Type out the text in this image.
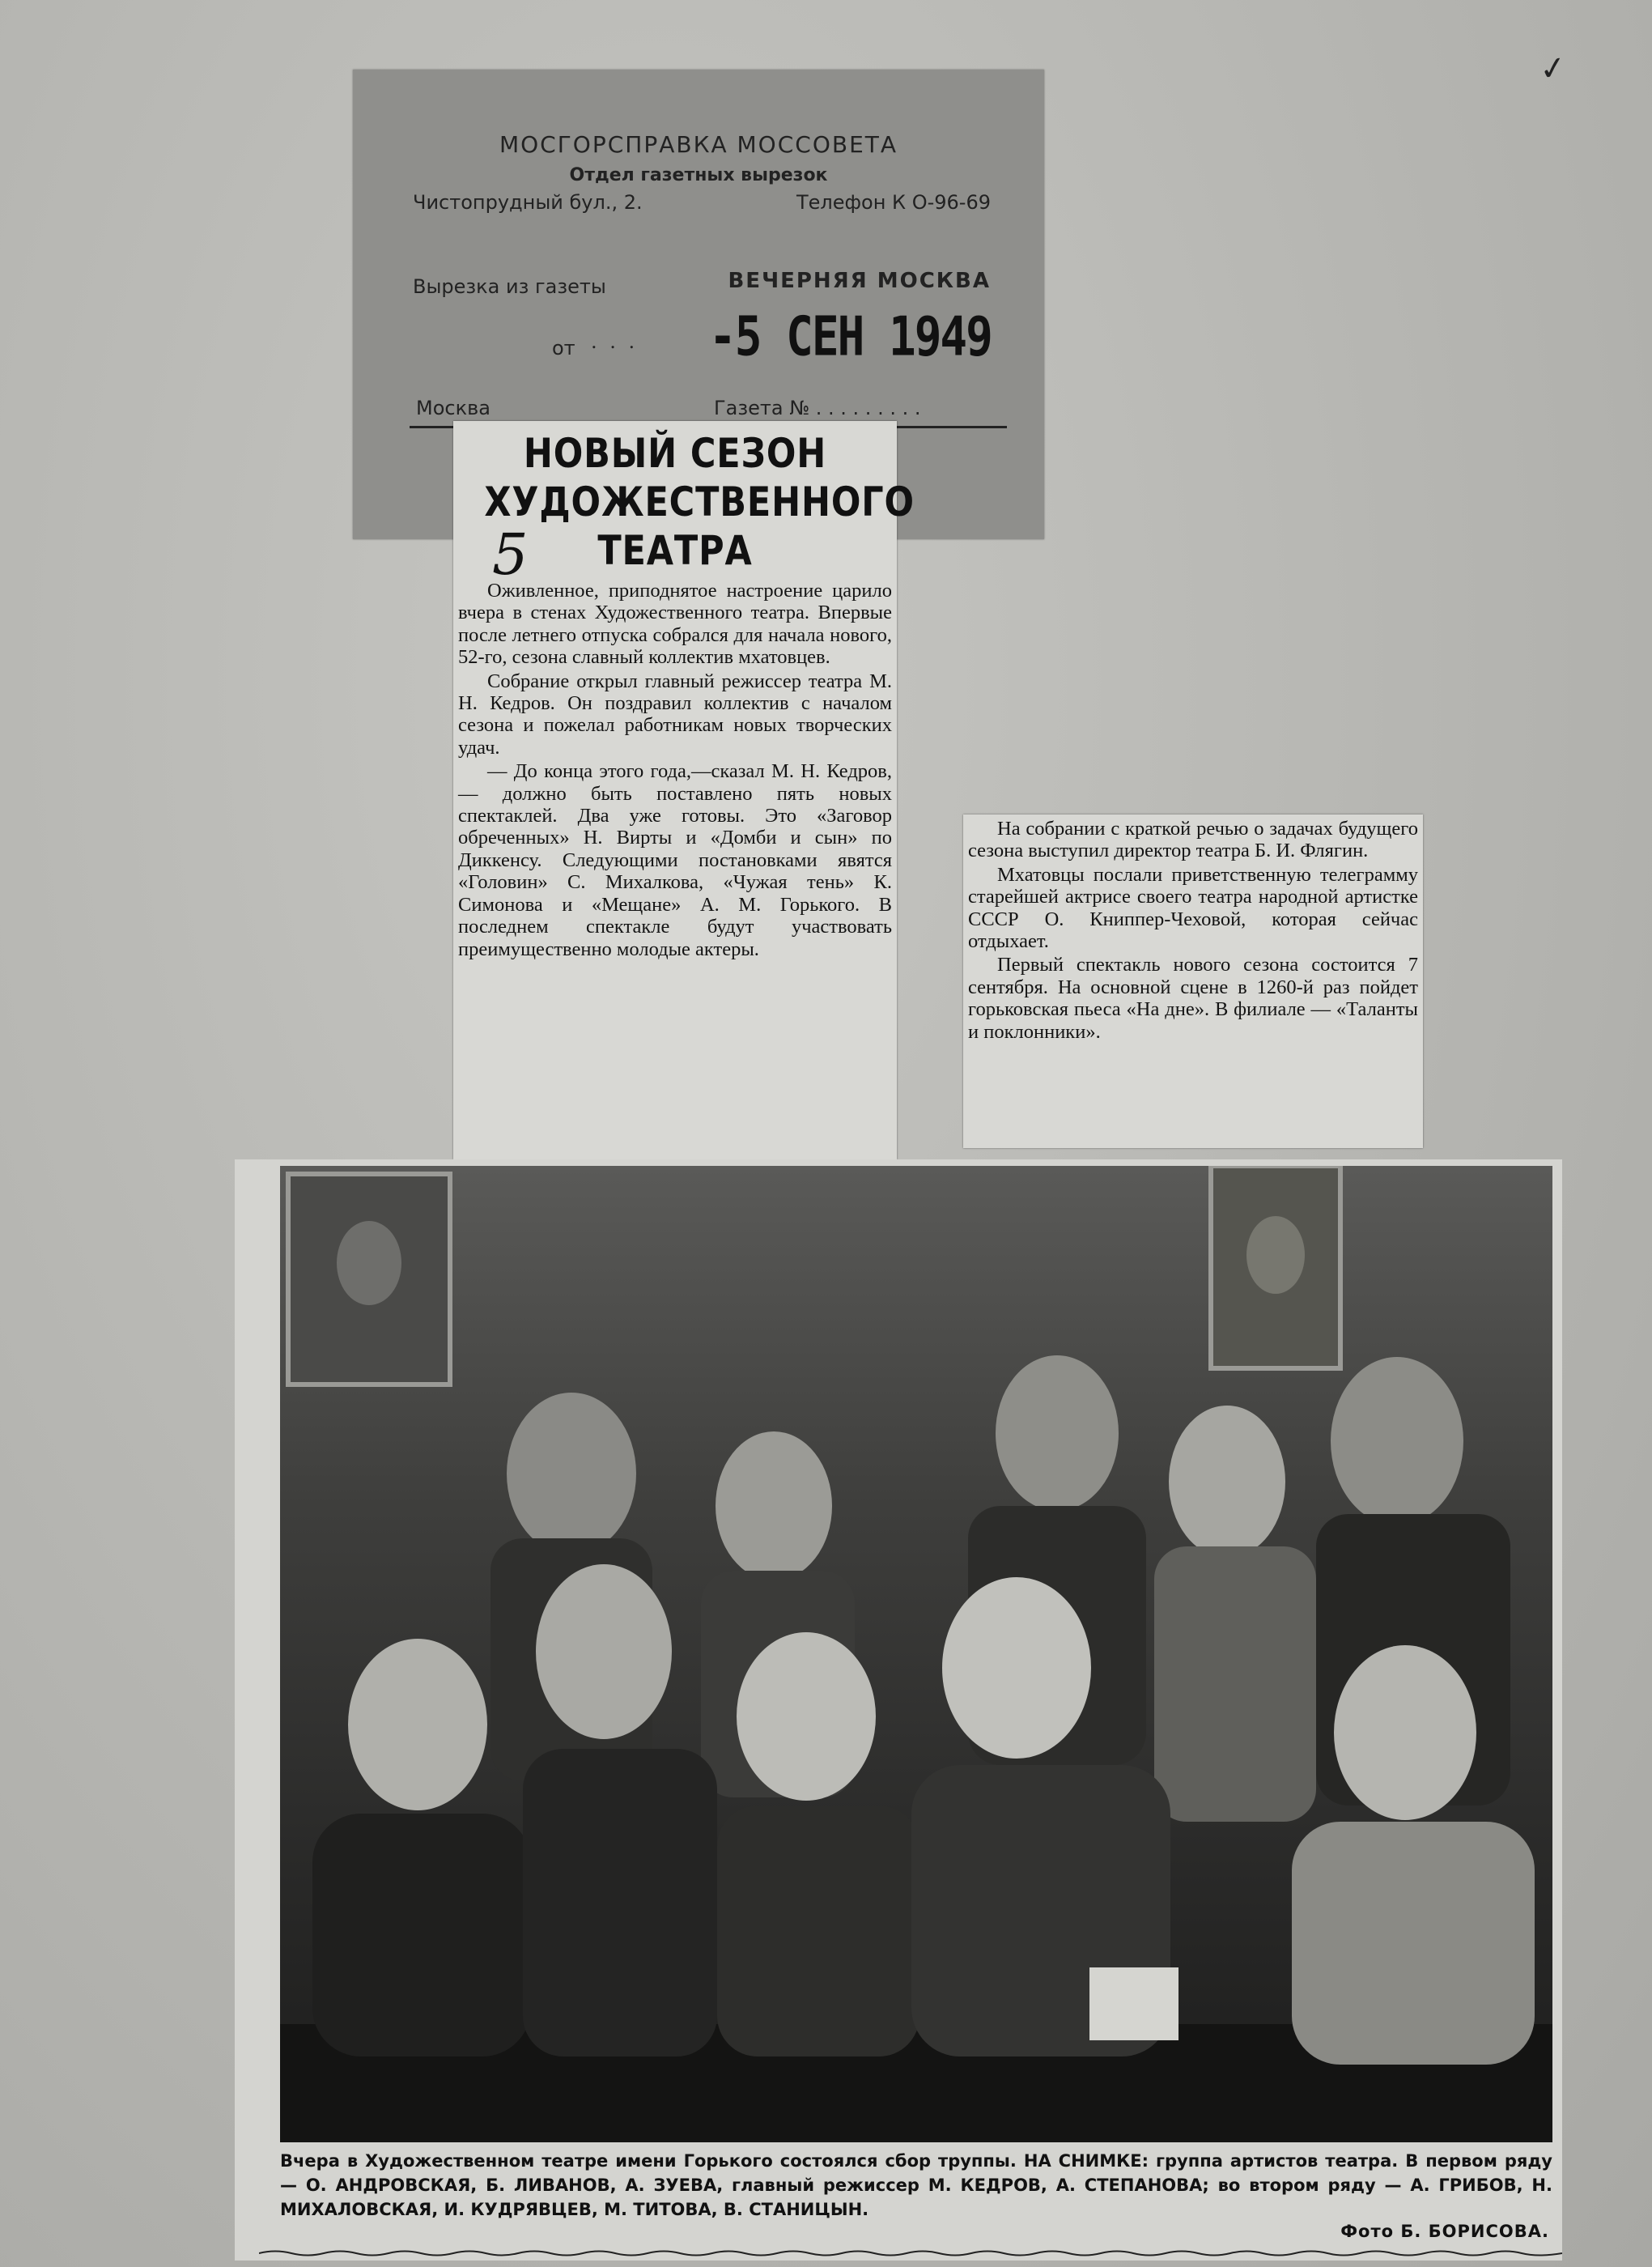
✓
МОСГОРСПРАВКА МОССОВЕТА
Отдел газетных вырезок
Чистопрудный бул., 2.	Телефон К О-96-69
Вырезка из газеты	ВЕЧЕРНЯЯ МОСКВА
от . . . -5 СЕН 1949
Москва	Газета № . . . . . . . . .
НОВЫЙ СЕЗОН
ХУДОЖЕСТВЕННОГО
ТЕАТРА
5

Оживленное, приподнятое настроение царило вчера в стенах Художественного театра. Впервые после летнего отпуска собрался для начала нового, 52-го, сезона славный коллектив мхатовцев.

Собрание открыл главный режиссер театра М. Н. Кедров. Он поздравил коллектив с началом сезона и пожелал работникам новых творческих удач.

— До конца этого года,—сказал М. Н. Кедров, — должно быть поставлено пять новых спектаклей. Два уже готовы. Это «Заговор обреченных» Н. Вирты и «Домби и сын» по Диккенсу. Следующими постановками явятся «Головин» С. Михалкова, «Чужая тень» К. Симонова и «Мещане» А. М. Горького. В последнем спектакле будут участвовать преимущественно молодые актеры.

На собрании с краткой речью о задачах будущего сезона выступил директор театра Б. И. Флягин.

Мхатовцы послали приветственную телеграмму старейшей актрисе своего театра народной артистке СССР О. Книппер-Чеховой, которая сейчас отдыхает.

Первый спектакль нового сезона состоится 7 сентября. На основной сцене в 1260-й раз пойдет горьковская пьеса «На дне». В филиале — «Таланты и поклонники».

Вчера в Художественном театре имени Горького состоялся сбор труппы. НА СНИМКЕ: группа артистов театра. В первом ряду — О. АНДРОВСКАЯ, Б. ЛИВАНОВ, А. ЗУЕВА, главный режиссер М. КЕДРОВ, А. СТЕПАНОВА; во втором ряду — А. ГРИБОВ, Н. МИХАЛОВСКАЯ, И. КУДРЯВЦЕВ, М. ТИТОВА, В. СТАНИЦЫН.
Фото Б. БОРИСОВА.
